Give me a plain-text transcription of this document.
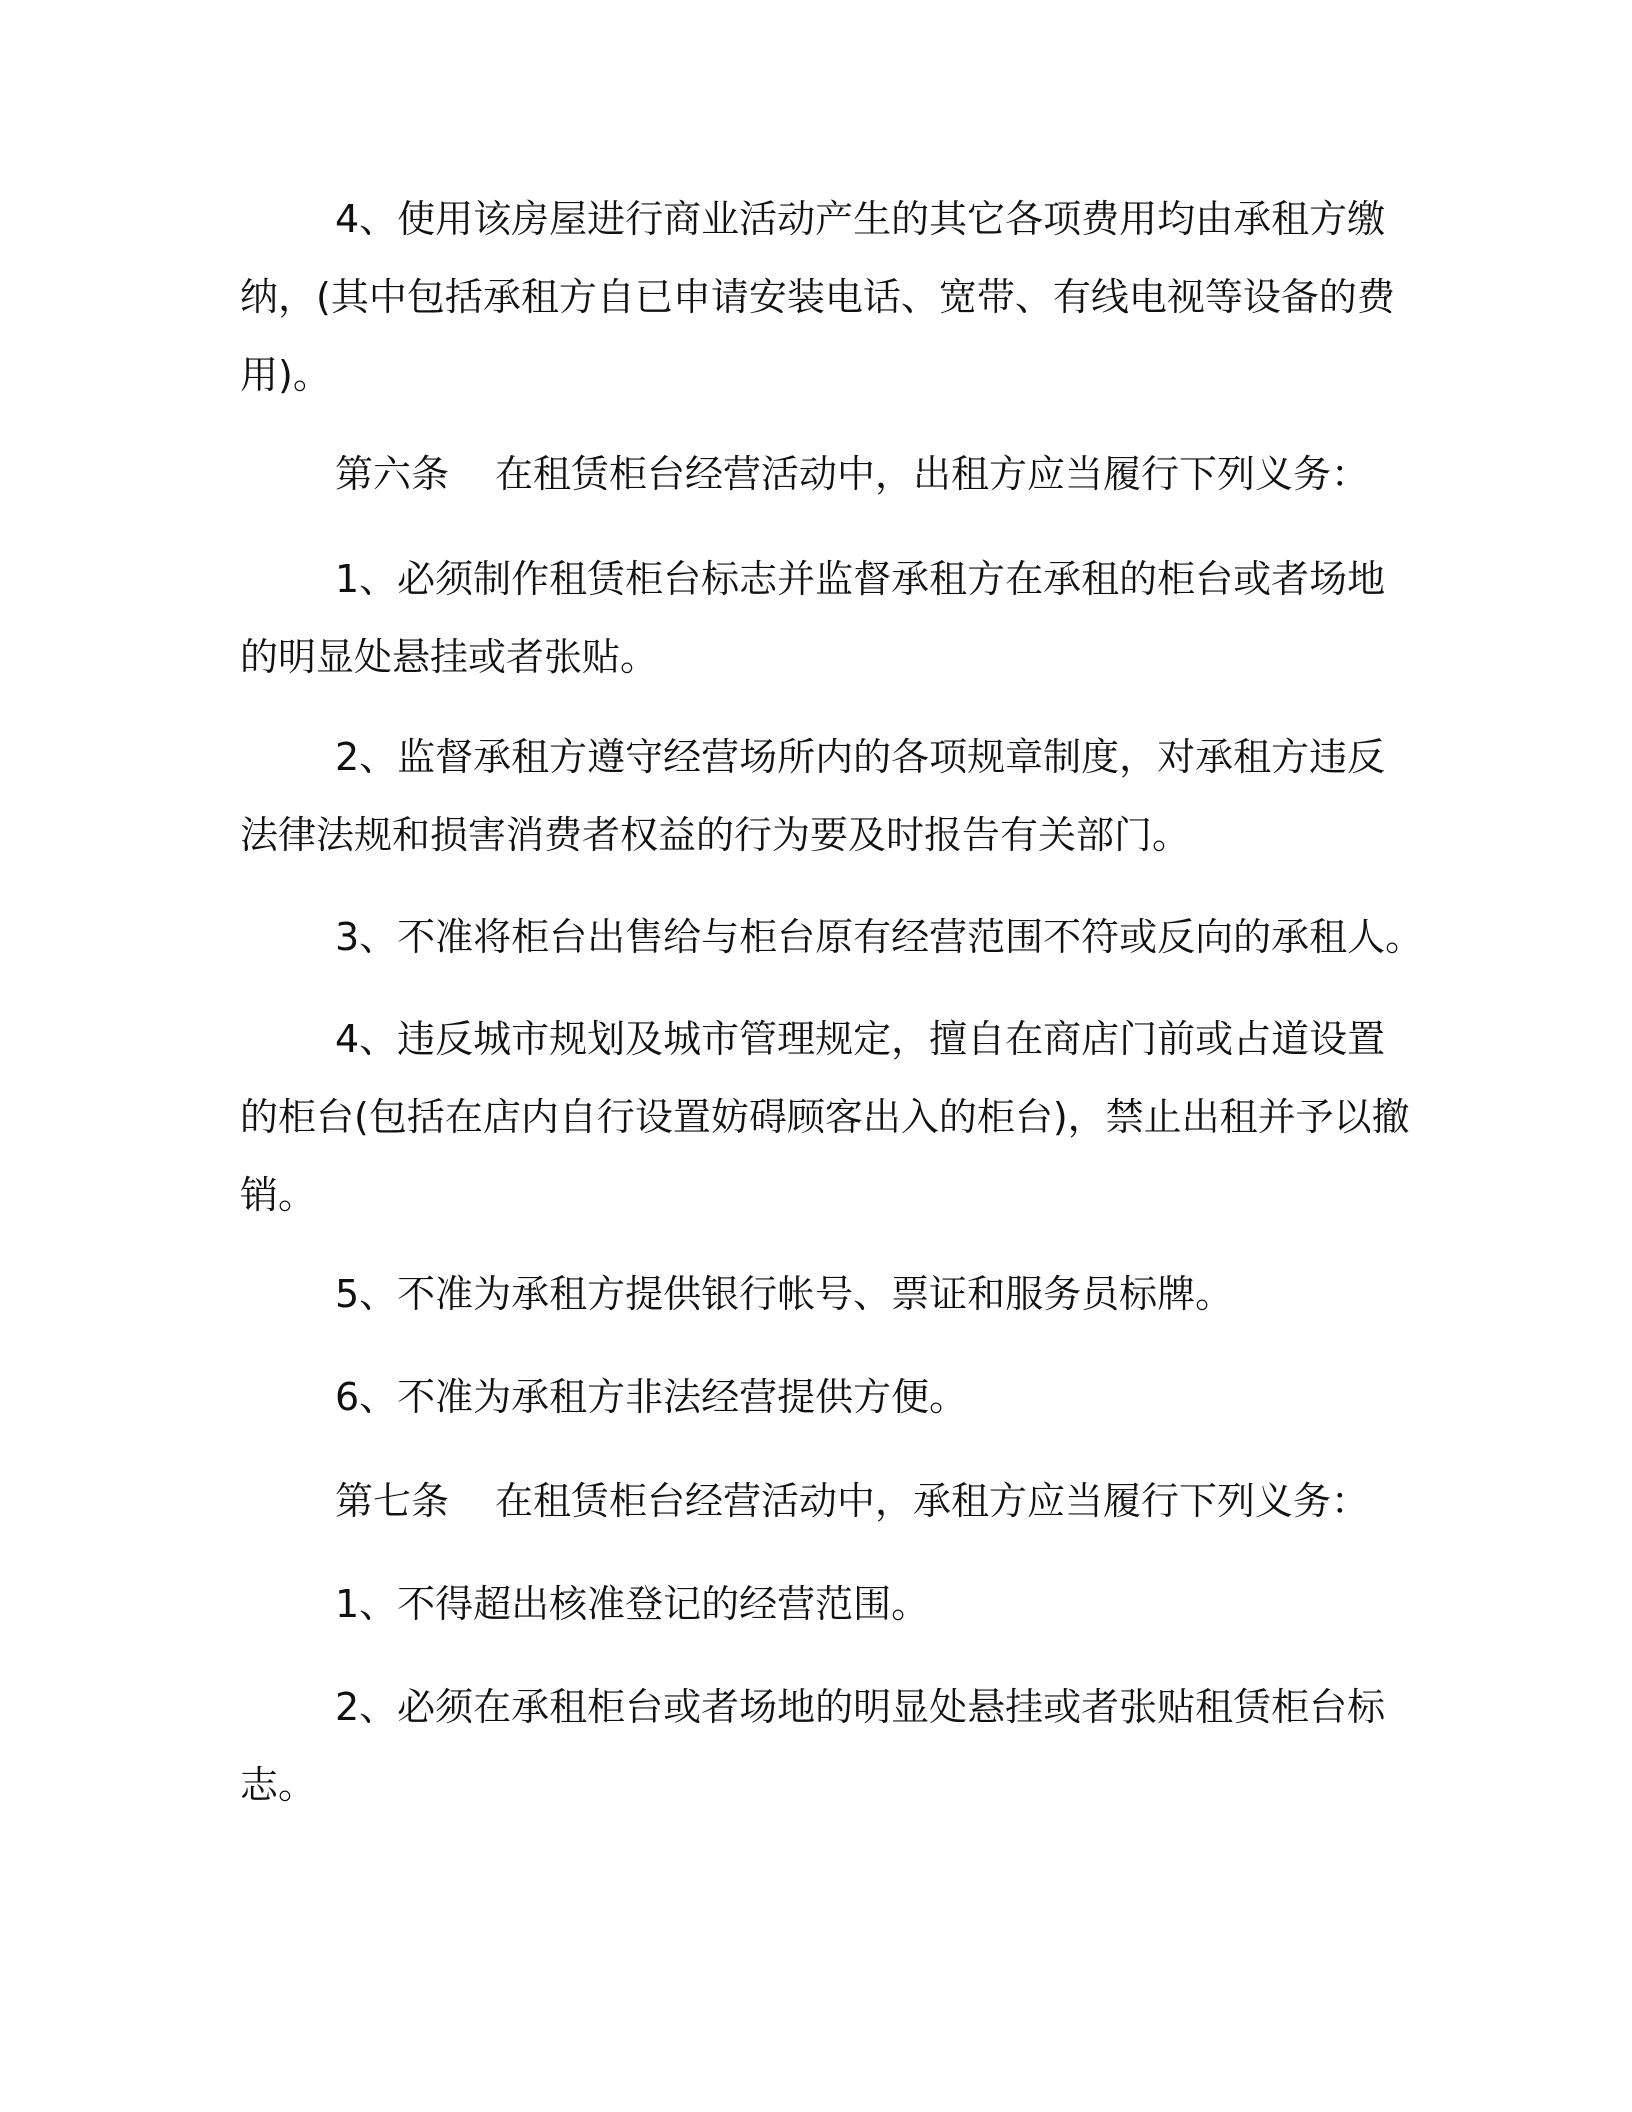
4、使用该房屋进行商业活动产生的其它各项费用均由承租方缴
纳，(其中包括承租方自已申请安装电话、宽带、有线电视等设备的费
用)。

第六条 在租赁柜台经营活动中，出租方应当履行下列义务：

1、必须制作租赁柜台标志并监督承租方在承租的柜台或者场地
的明显处悬挂或者张贴。

2、监督承租方遵守经营场所内的各项规章制度，对承租方违反
法律法规和损害消费者权益的行为要及时报告有关部门。

3、不准将柜台出售给与柜台原有经营范围不符或反向的承租人。

4、违反城市规划及城市管理规定，擅自在商店门前或占道设置
的柜台(包括在店内自行设置妨碍顾客出入的柜台)，禁止出租并予以撤
销。

5、不准为承租方提供银行帐号、票证和服务员标牌。

6、不准为承租方非法经营提供方便。

第七条 在租赁柜台经营活动中，承租方应当履行下列义务：

1、不得超出核准登记的经营范围。

2、必须在承租柜台或者场地的明显处悬挂或者张贴租赁柜台标
志。
